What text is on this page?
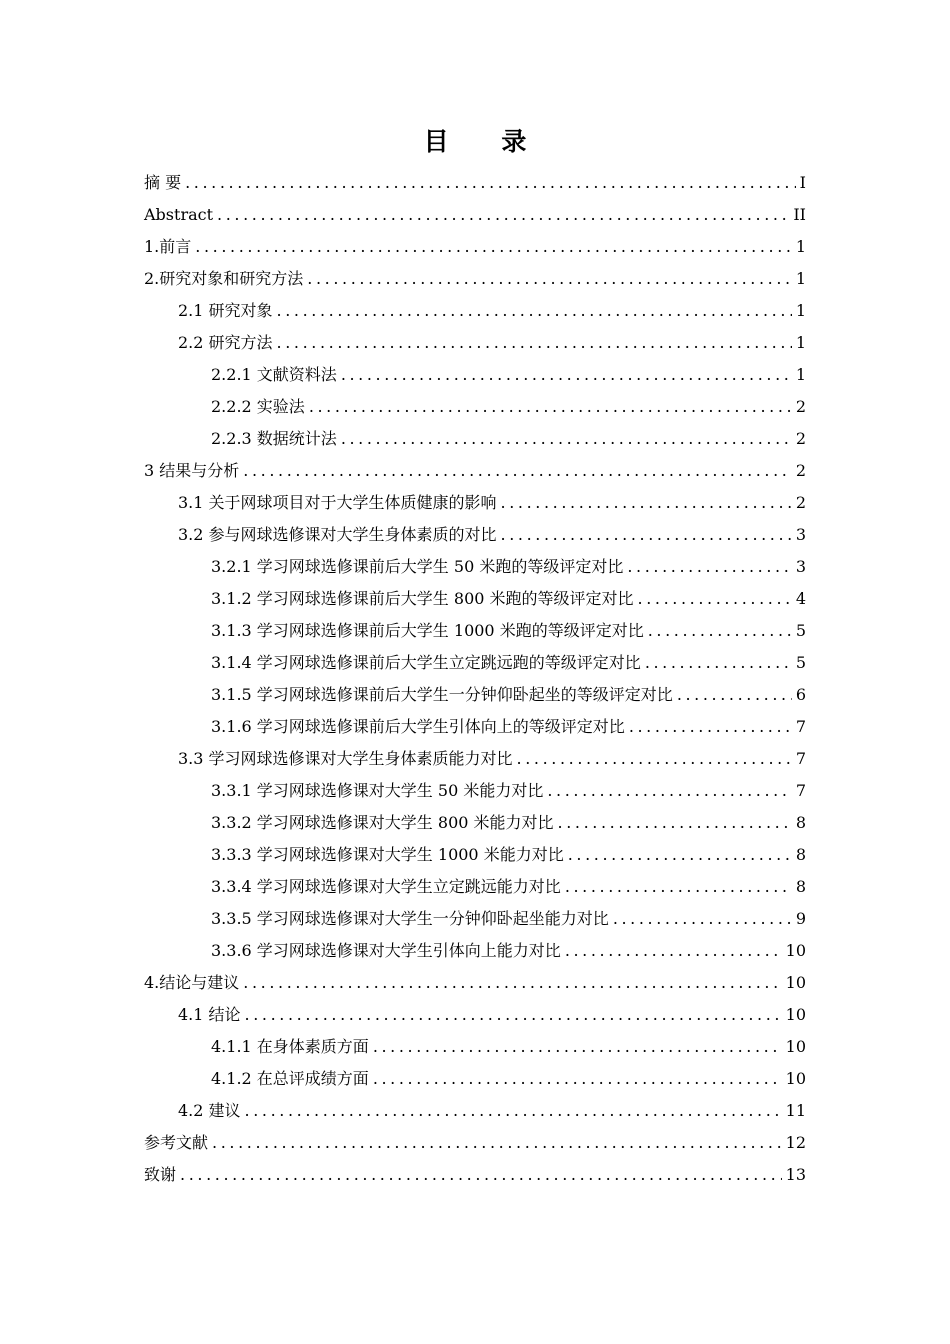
目 录
摘 要 .....	I
Abstract .....	II
1.前言 .....	1
2.研究对象和研究方法 .....	1
2.1 研究对象 .....	1
2.2 研究方法 .....	1
2.2.1 文献资料法 .....	1
2.2.2 实验法 .....	2
2.2.3 数据统计法 .....	2
3 结果与分析 .....	2
3.1 关于网球项目对于大学生体质健康的影响 .....	2
3.2 参与网球选修课对大学生身体素质的对比 .....	3
3.2.1 学习网球选修课前后大学生 50 米跑的等级评定对比 .....	3
3.1.2 学习网球选修课前后大学生 800 米跑的等级评定对比 .....	4
3.1.3 学习网球选修课前后大学生 1000 米跑的等级评定对比 .....	5
3.1.4 学习网球选修课前后大学生立定跳远跑的等级评定对比 .....	5
3.1.5 学习网球选修课前后大学生一分钟仰卧起坐的等级评定对比 .....	6
3.1.6 学习网球选修课前后大学生引体向上的等级评定对比 .....	7
3.3 学习网球选修课对大学生身体素质能力对比 .....	7
3.3.1 学习网球选修课对大学生 50 米能力对比 .....	7
3.3.2 学习网球选修课对大学生 800 米能力对比 .....	8
3.3.3 学习网球选修课对大学生 1000 米能力对比 .....	8
3.3.4 学习网球选修课对大学生立定跳远能力对比 .....	8
3.3.5 学习网球选修课对大学生一分钟仰卧起坐能力对比 .....	9
3.3.6 学习网球选修课对大学生引体向上能力对比 .....	10
4.结论与建议 .....	10
4.1 结论 .....	10
4.1.1 在身体素质方面 .....	10
4.1.2 在总评成绩方面 .....	10
4.2 建议 .....	11
参考文献 .....	12
致谢 .....	13
